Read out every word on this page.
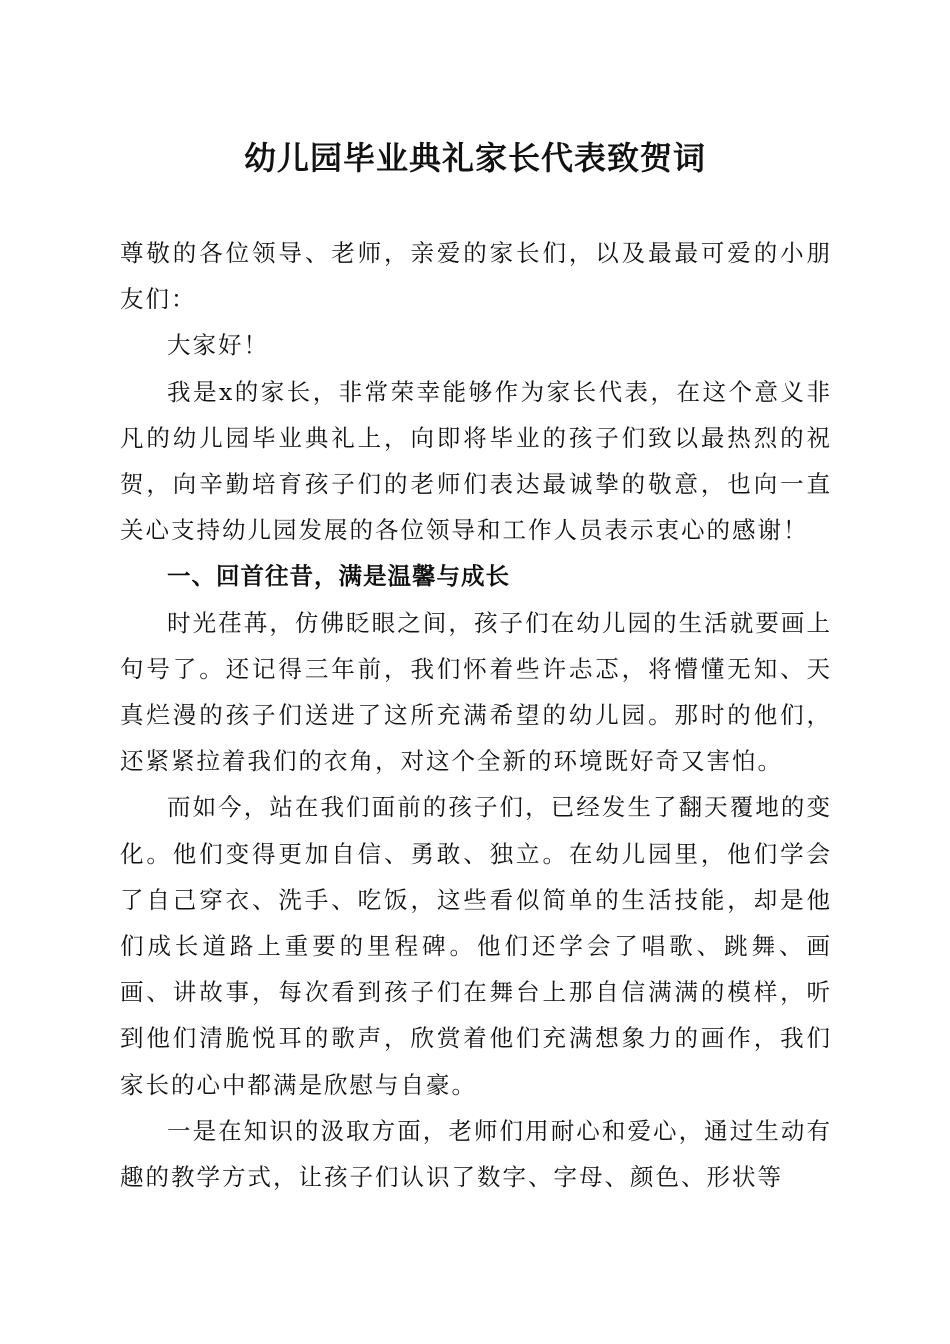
幼儿园毕业典礼家长代表致贺词

尊敬的各位领导、老师，亲爱的家长们，以及最最可爱的小朋友们：

大家好！

我是x的家长，非常荣幸能够作为家长代表，在这个意义非凡的幼儿园毕业典礼上，向即将毕业的孩子们致以最热烈的祝贺，向辛勤培育孩子们的老师们表达最诚挚的敬意，也向一直关心支持幼儿园发展的各位领导和工作人员表示衷心的感谢！

一、回首往昔，满是温馨与成长

时光荏苒，仿佛眨眼之间，孩子们在幼儿园的生活就要画上句号了。还记得三年前，我们怀着些许忐忑，将懵懂无知、天真烂漫的孩子们送进了这所充满希望的幼儿园。那时的他们，还紧紧拉着我们的衣角，对这个全新的环境既好奇又害怕。

而如今，站在我们面前的孩子们，已经发生了翻天覆地的变化。他们变得更加自信、勇敢、独立。在幼儿园里，他们学会了自己穿衣、洗手、吃饭，这些看似简单的生活技能，却是他们成长道路上重要的里程碑。他们还学会了唱歌、跳舞、画画、讲故事，每次看到孩子们在舞台上那自信满满的模样，听到他们清脆悦耳的歌声，欣赏着他们充满想象力的画作，我们家长的心中都满是欣慰与自豪。

一是在知识的汲取方面，老师们用耐心和爱心，通过生动有趣的教学方式，让孩子们认识了数字、字母、颜色、形状等
